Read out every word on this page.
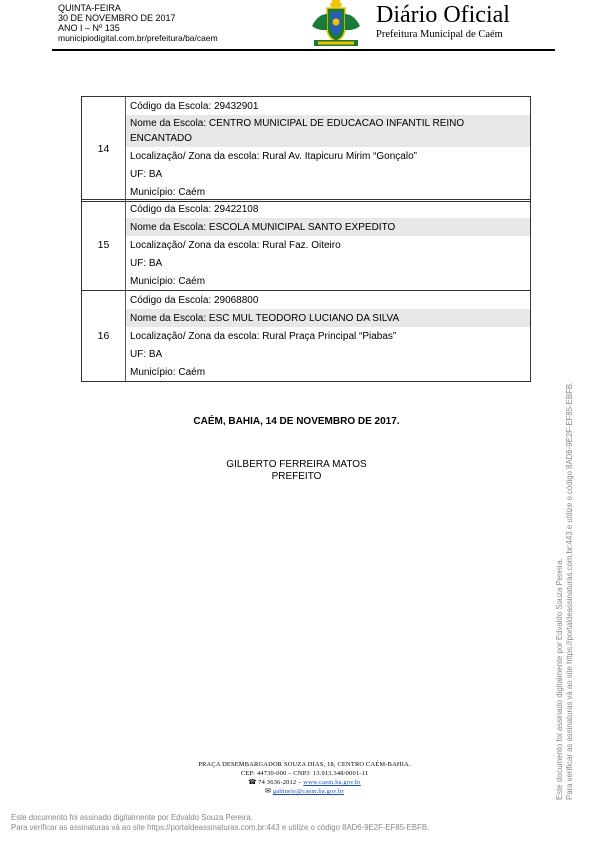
QUINTA-FEIRA
30 DE NOVEMBRO DE 2017
ANO I – Nº 135
municipiodigital.com.br/prefeitura/ba/caem
Diário Oficial
Prefeitura Municipal de Caém
14
Código da Escola: 29432901
Nome da Escola: CENTRO MUNICIPAL DE EDUCACAO INFANTIL REINO ENCANTADO
Localização/ Zona da escola: Rural Av. Itapicuru Mirim “Gonçalo”
UF: BA
Município: Caém
15
Código da Escola: 29422108
Nome da Escola: ESCOLA MUNICIPAL SANTO EXPEDITO
Localização/ Zona da escola: Rural Faz. Oiteiro
UF: BA
Município: Caém
16
Código da Escola: 29068800
Nome da Escola: ESC MUL TEODORO LUCIANO DA SILVA
Localização/ Zona da escola: Rural Praça Principal “Piabas”
UF: BA
Município: Caém
CAÉM, BAHIA, 14 DE NOVEMBRO DE 2017.
GILBERTO FERREIRA MATOS
PREFEITO
PRAÇA DESEMBARGADOR SOUZA DIAS, 18, CENTRO CAÉM-BAHIA.
CEP: 44730-000 – CNPJ: 13.913.348/0001-11
☎ 74 3636-2012 – www.caem.ba.gov.br
✉ gabinete@caem.ba.gov.br
Este documento foi assinado digitalmente por Edvaldo Souza Pereira.
Para verificar as assinaturas vá ao site https://portaldeassinaturas.com.br:443 e utilize o código 8AD6-9E2F-EF85-EBFB.
Este documento foi assinado digitalmente por Edvaldo Souza Pereira. Para verificar as assinaturas vá ao site https://portaldeassinaturas.com.br:443 e utilize o código 8AD6-9E2F-EF85-EBFB.
